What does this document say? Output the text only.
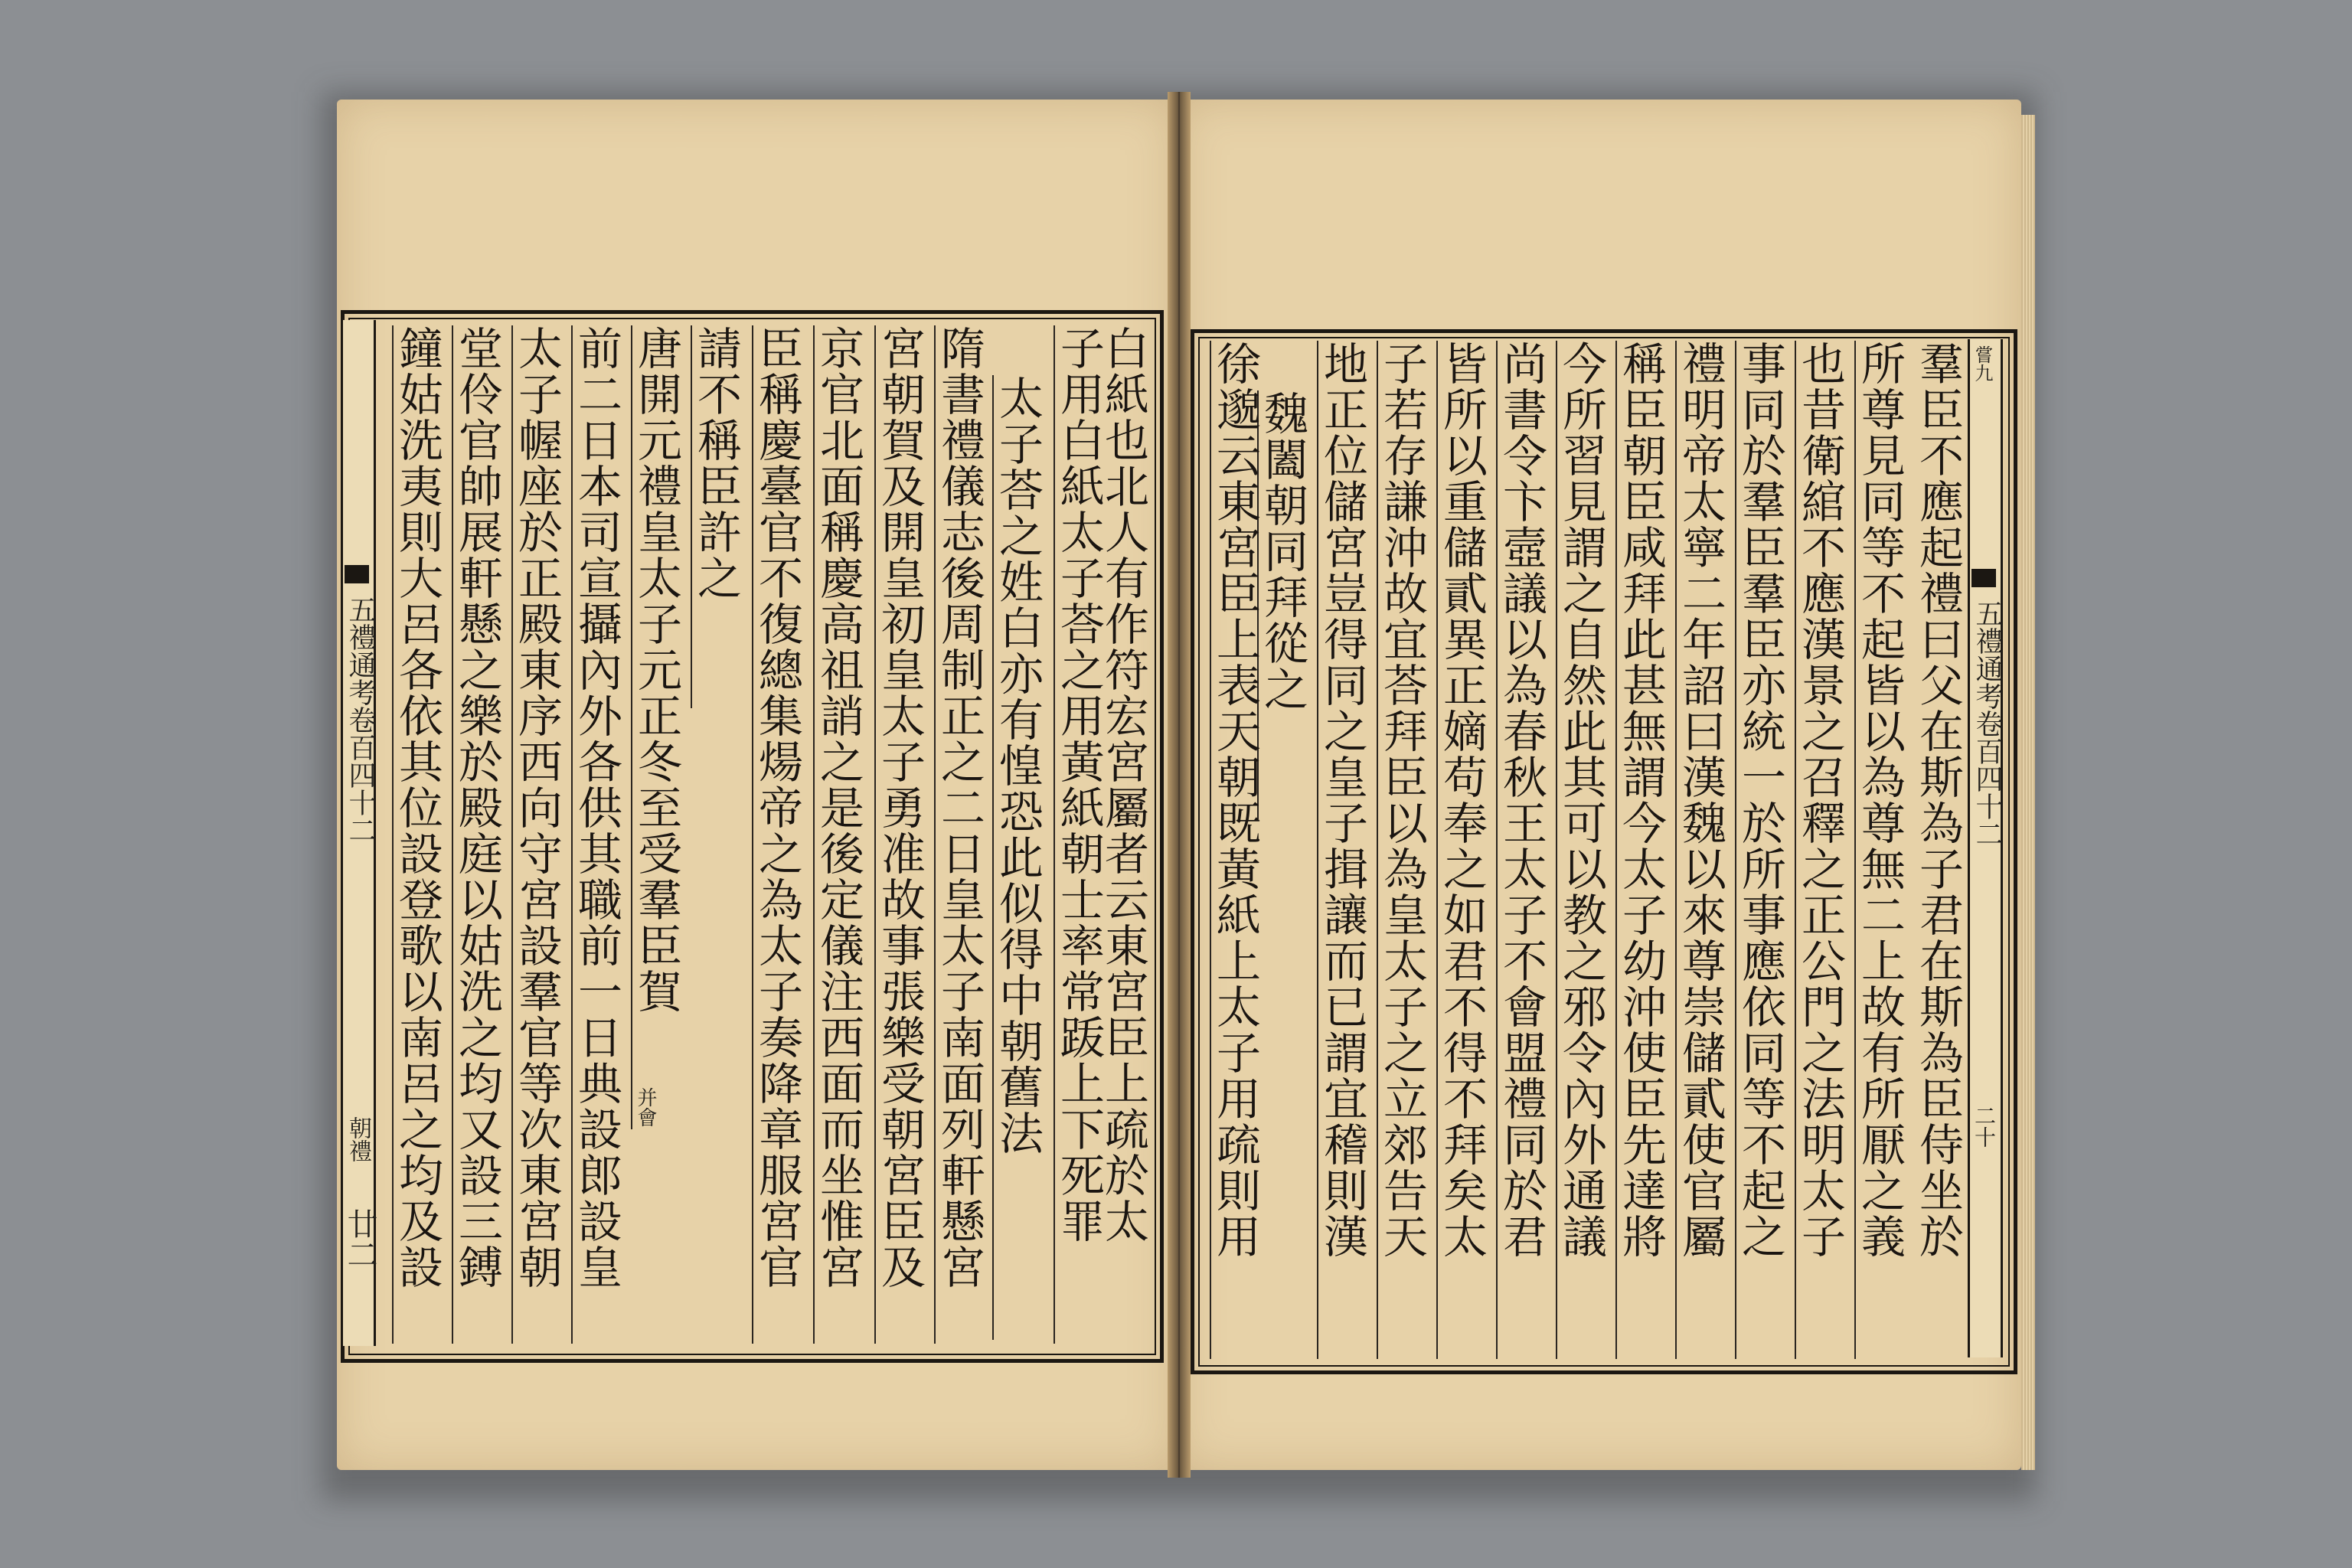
五禮通考卷百四十二
朝禮
廿二	白紙也北人有作符宏宮屬者云東宮臣上疏於太
子用白紙太子荅之用黃紙朝士率常䟦上下死罪
太子荅之姓白亦有惶恐此似得中朝舊法
隋書禮儀志後周制正之二日皇太子南面列軒懸宮
宮朝賀及開皇初皇太子勇准故事張樂受朝宮臣及
京官北面稱慶高祖誚之是後定儀注西面而坐惟宮
臣稱慶臺官不復總集煬帝之為太子奏降章服宮官
請不稱臣許之
唐開元禮皇太子元正冬至受羣臣賀
并會
前二日本司宣攝內外各供其職前一日典設郎設皇
太子幄座於正殿東序西向守宮設羣官等次東宮朝
堂伶官帥展軒懸之樂於殿庭以姑洗之均又設三鎛
鐘姑洗夷則大呂各依其位設登歌以南呂之均及設	嘗九
五禮通考卷百四十二
二十
羣臣不應起禮曰父在斯為子君在斯為臣侍坐於
所尊見同等不起皆以為尊無二上故有所厭之義
也昔衛綰不應漢景之召釋之正公門之法明太子
事同於羣臣羣臣亦統一於所事應依同等不起之
禮明帝太寧二年詔曰漢魏以來尊崇儲貳使官屬
稱臣朝臣咸拜此甚無謂今太子幼沖使臣先達將
今所習見謂之自然此其可以教之邪令內外通議
尚書令卞壼議以為春秋王太子不會盟禮同於君
皆所以重儲貳異正嫡苟奉之如君不得不拜矣太
子若存謙沖故宜荅拜臣以為皇太子之立郊告天
地正位儲宮豈得同之皇子揖讓而已謂宜稽則漢
魏闔朝同拜從之
徐邈云東宮臣上表天朝既黃紙上太子用疏則用
